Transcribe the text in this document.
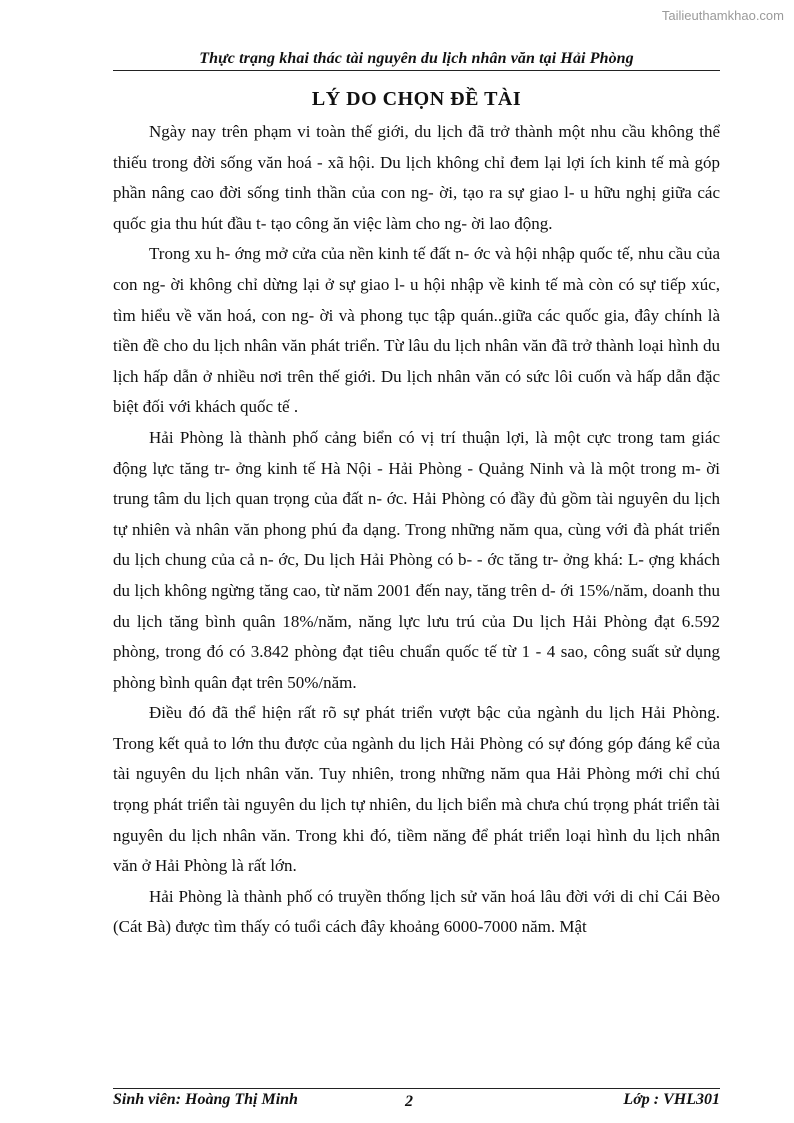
Tailieuthamkhao.com
Thực trạng khai thác tài nguyên du lịch nhân văn tại Hải Phòng
LÝ DO CHỌN ĐỀ TÀI

Ngày nay trên phạm vi toàn thế giới, du lịch đã trở thành một nhu cầu không thể thiếu trong đời sống văn hoá - xã hội. Du lịch không chỉ đem lại lợi ích kinh tế mà góp phần nâng cao đời sống tinh thần của con ng- ời, tạo ra sự giao l- u hữu nghị giữa các quốc gia thu hút đầu t- tạo công ăn việc làm cho ng- ời lao động.

Trong xu h- ớng mở cửa của nền kinh tế đất n- ớc và hội nhập quốc tế, nhu cầu của con ng- ời không chỉ dừng lại ở sự giao l- u hội nhập về kinh tế mà còn có sự tiếp xúc, tìm hiểu về văn hoá, con ng- ời và phong tục tập quán..giữa các quốc gia, đây chính là tiền đề cho du lịch nhân văn phát triển. Từ lâu du lịch nhân văn đã trở thành loại hình du lịch hấp dẫn ở nhiều nơi trên thế giới. Du lịch nhân văn có sức lôi cuốn và hấp dẫn đặc biệt đối với khách quốc tế .

Hải Phòng là thành phố cảng biển có vị trí thuận lợi, là một cực trong tam giác động lực tăng tr- ởng kinh tế Hà Nội - Hải Phòng - Quảng Ninh và là một trong m- ời trung tâm du lịch quan trọng của đất n- ớc. Hải Phòng có đầy đủ gồm tài nguyên du lịch tự nhiên và nhân văn phong phú đa dạng. Trong những năm qua, cùng với đà phát triển du lịch chung của cả n- ớc, Du lịch Hải Phòng có b- - ớc tăng tr- ởng khá: L- ợng khách du lịch không ngừng tăng cao, từ năm 2001 đến nay, tăng trên d- ới 15%/năm, doanh thu du lịch tăng bình quân 18%/năm, năng lực lưu trú của Du lịch Hải Phòng đạt 6.592 phòng, trong đó có 3.842 phòng đạt tiêu chuẩn quốc tế từ 1 - 4 sao, công suất sử dụng phòng bình quân đạt trên 50%/năm.

Điều đó đã thể hiện rất rõ sự phát triển vượt bậc của ngành du lịch Hải Phòng. Trong kết quả to lớn thu được của ngành du lịch Hải Phòng có sự đóng góp đáng kể của tài nguyên du lịch nhân văn. Tuy nhiên, trong những năm qua Hải Phòng mới chỉ chú trọng phát triển tài nguyên du lịch tự nhiên, du lịch biển mà chưa chú trọng phát triển tài nguyên du lịch nhân văn. Trong khi đó, tiềm năng để phát triển loại hình du lịch nhân văn ở Hải Phòng là rất lớn.

Hải Phòng là thành phố có truyền thống lịch sử văn hoá lâu đời với di chỉ Cái Bèo (Cát Bà) được tìm thấy có tuổi cách đây khoảng 6000-7000 năm. Mật

Sinh viên: Hoàng Thị Minh	2	Lớp : VHL301
